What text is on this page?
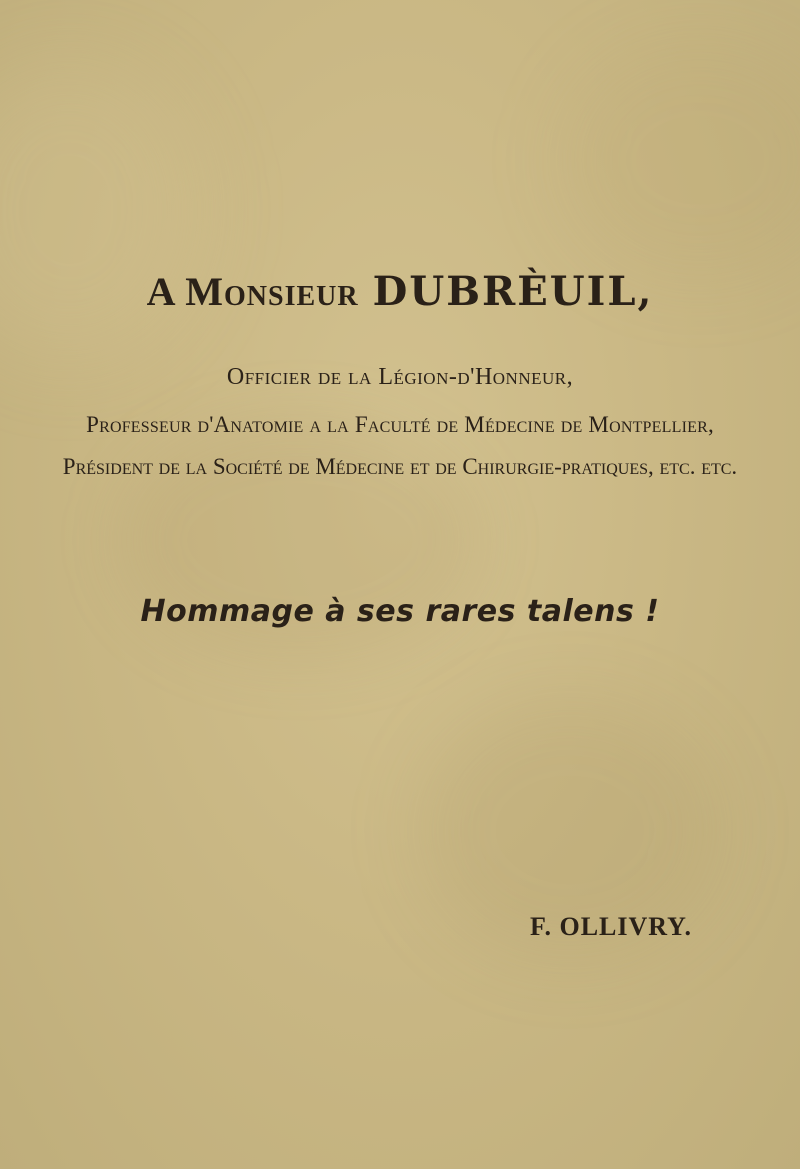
A Monsieur DUBRÈUIL,
Officier de la Légion-d'Honneur,
Professeur d'Anatomie a la Faculté de Médecine de Montpellier,
Président de la Société de Médecine et de Chirurgie-pratiques, etc. etc.
Hommage à ses rares talens !
F. OLLIVRY.
